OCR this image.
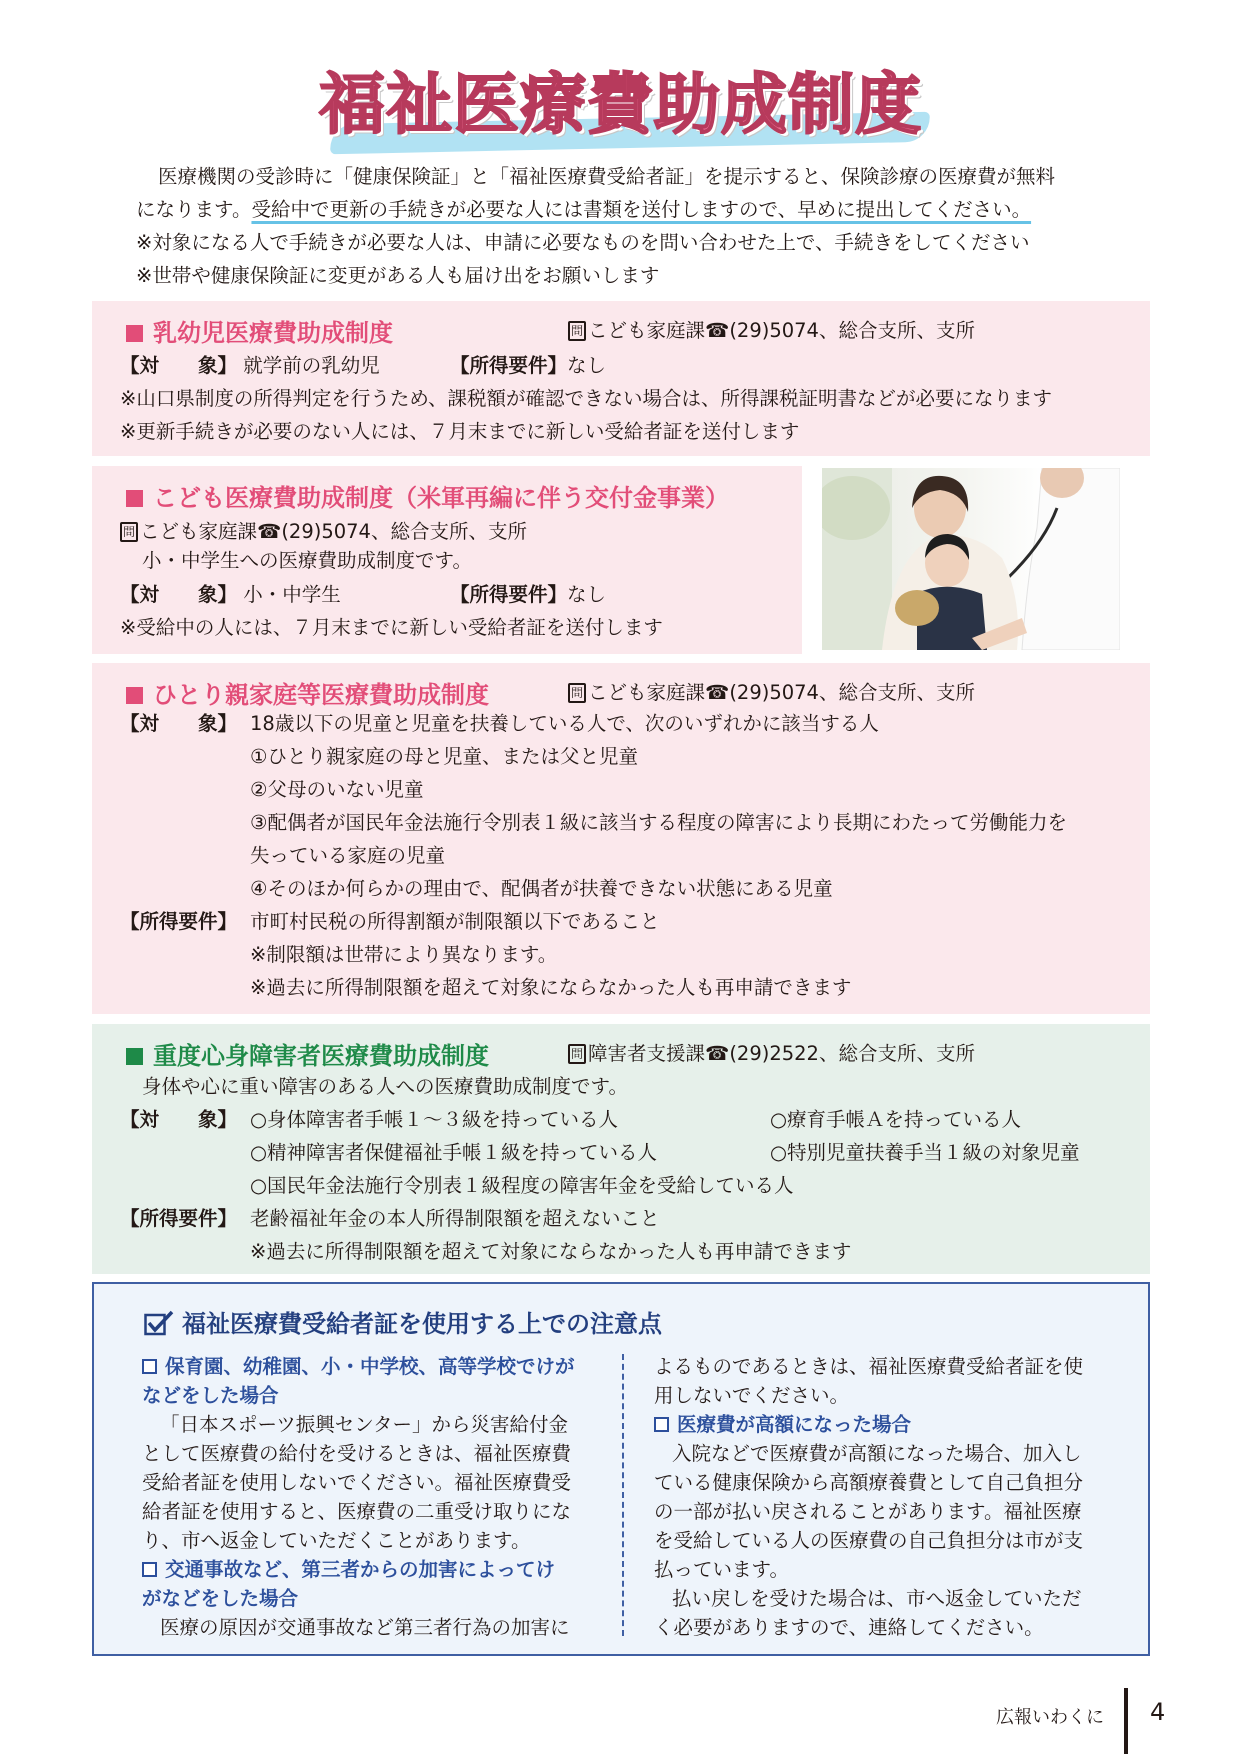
福祉医療費助成制度
医療機関の受診時に「健康保険証」と「福祉医療費受給者証」を提示すると、保険診療の医療費が無料
になります。受給中で更新の手続きが必要な人には書類を送付しますので、早めに提出してください。
※対象になる人で手続きが必要な人は、申請に必要なものを問い合わせた上で、手続きをしてください
※世帯や健康保険証に変更がある人も届け出をお願いします
乳幼児医療費助成制度	問 こども家庭課☎(29)5074、総合支所、支所
【対　　象】 就学前の乳幼児	【所得要件】なし
※山口県制度の所得判定を行うため、課税額が確認できない場合は、所得課税証明書などが必要になります
※更新手続きが必要のない人には、７月末までに新しい受給者証を送付します
こども医療費助成制度（米軍再編に伴う交付金事業）
問 こども家庭課☎(29)5074、総合支所、支所
小・中学生への医療費助成制度です。
【対　　象】 小・中学生	【所得要件】なし
※受給中の人には、７月末までに新しい受給者証を送付します
ひとり親家庭等医療費助成制度	問 こども家庭課☎(29)5074、総合支所、支所
【対　　象】 18歳以下の児童と児童を扶養している人で、次のいずれかに該当する人
①ひとり親家庭の母と児童、または父と児童
②父母のいない児童
③配偶者が国民年金法施行令別表１級に該当する程度の障害により長期にわたって労働能力を
失っている家庭の児童
④そのほか何らかの理由で、配偶者が扶養できない状態にある児童
【所得要件】 市町村民税の所得割額が制限額以下であること
※制限額は世帯により異なります。
※過去に所得制限額を超えて対象にならなかった人も再申請できます
重度心身障害者医療費助成制度	問 障害者支援課☎(29)2522、総合支所、支所
身体や心に重い障害のある人への医療費助成制度です。
【対　　象】 ○身体障害者手帳１～３級を持っている人	○療育手帳Ａを持っている人
○精神障害者保健福祉手帳１級を持っている人	○特別児童扶養手当１級の対象児童
○国民年金法施行令別表１級程度の障害年金を受給している人
【所得要件】 老齢福祉年金の本人所得制限額を超えないこと
※過去に所得制限額を超えて対象にならなかった人も再申請できます
福祉医療費受給者証を使用する上での注意点
保育園、幼稚園、小・中学校、高等学校でけが
などをした場合
「日本スポーツ振興センター」から災害給付金
として医療費の給付を受けるときは、福祉医療費
受給者証を使用しないでください。福祉医療費受
給者証を使用すると、医療費の二重受け取りにな
り、市へ返金していただくことがあります。
交通事故など、第三者からの加害によってけ
がなどをした場合
医療の原因が交通事故など第三者行為の加害に
よるものであるときは、福祉医療費受給者証を使
用しないでください。
医療費が高額になった場合
入院などで医療費が高額になった場合、加入し
ている健康保険から高額療養費として自己負担分
の一部が払い戻されることがあります。福祉医療
を受給している人の医療費の自己負担分は市が支
払っています。
払い戻しを受けた場合は、市へ返金していただ
く必要がありますので、連絡してください。
広報いわくに 4
